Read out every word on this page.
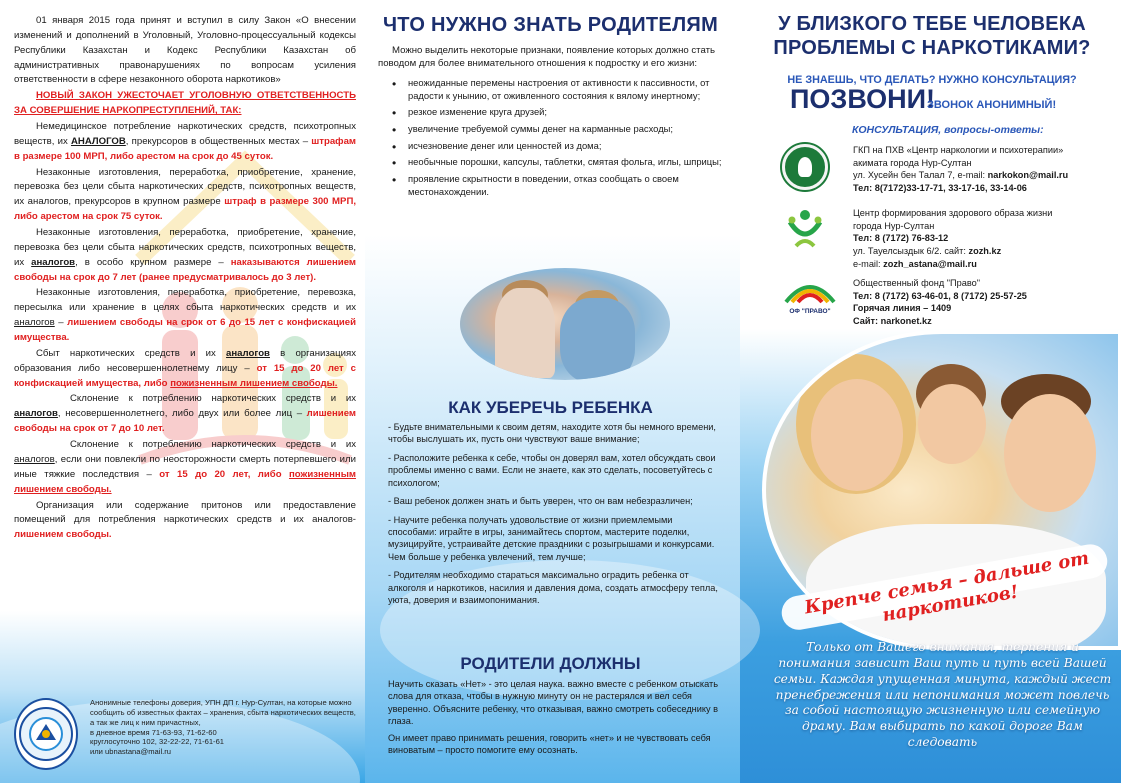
01 января 2015 года принят и вступил в силу Закон «О внесении изменений и дополнений в Уголовный, Уголовно-процессуальный кодексы Республики Казахстан и Кодекс Республики Казахстан об административных правонарушениях по вопросам усиления ответственности в сфере незаконного оборота наркотиков»

НОВЫЙ ЗАКОН УЖЕСТОЧАЕТ УГОЛОВНУЮ ОТВЕТСТВЕННОСТЬ ЗА СОВЕРШЕНИЕ НАРКОПРЕСТУПЛЕНИЙ, ТАК:

Немедицинское потребление наркотических средств, психотропных веществ, их АНАЛОГОВ, прекурсоров в общественных местах – штрафам в размере 100 МРП, либо арестом на срок до 45 суток.

Незаконные изготовления, переработка, приобретение, хранение, перевозка без цели сбыта наркотических средств, психотропных веществ, их аналогов, прекурсоров в крупном размере штраф в размере 300 МРП, либо арестом на срок 75 суток.

Незаконные изготовления, переработка, приобретение, хранение, перевозка без цели сбыта наркотических средств, психотропных веществ, их аналогов, в особо крупном размере – наказываются лишением свободы на срок до 7 лет (ранее предусматривалось до 3 лет).

Незаконные изготовления, переработка, приобретение, перевозка, пересылка или хранение в целях сбыта наркотических средств и их аналогов – лишением свободы на срок от 6 до 15 лет с конфискацией имущества.

Сбыт наркотических средств и их аналогов в организациях образования либо несовершеннолетнему лицу – от 15 до 20 лет с конфискацией имущества, либо пожизненным лишением свободы.

Склонение к потреблению наркотических средств и их аналогов, несовершеннолетнего, либо двух или более лиц – лишением свободы на срок от 7 до 10 лет.

Склонение к потреблению наркотических средств и их аналогов, если они повлекли по неосторожности смерть потерпевшего или иные тяжкие последствия – от 15 до 20 лет, либо пожизненным лишением свободы.

Организация или содержание притонов или предоставление помещений для потребления наркотических средств и их аналогов- лишением свободы.

Анонимные телефоны доверия, УПН ДП г. Нур-Султан, на которые можно сообщить об известных фактах – хранения, сбыта наркотических веществ, а так же лиц к ним причастных,
в дневное время 71-63-93, 71-62-60
круглосуточно 102, 32-22-22, 71-61-61
или ubnastana@mail.ru
ЧТО НУЖНО ЗНАТЬ РОДИТЕЛЯМ
Можно выделить некоторые признаки, появление которых должно стать поводом для более внимательного отношения к подростку и его жизни:
• неожиданные перемены настроения от активности к пассивности, от радости к унынию, от оживленного состояния к вялому инертному;
• резкое изменение круга друзей;
• увеличение требуемой суммы денег на карманные расходы;
• исчезновение денег или ценностей из дома;
• необычные порошки, капсулы, таблетки, смятая фольга, иглы, шприцы;
• проявление скрытности в поведении, отказ сообщать о своем местонахождении.
КАК УБЕРЕЧЬ РЕБЕНКА

- Будьте внимательными к своим детям, находите хотя бы немного времени, чтобы выслушать их, пусть они чувствуют ваше внимание;

- Расположите ребенка к себе, чтобы он доверял вам, хотел обсуждать свои проблемы именно с вами. Если не знаете, как это сделать, посоветуйтесь с психологом;

- Ваш ребенок должен знать и быть уверен, что он вам небезразличен;

- Научите ребенка получать удовольствие от жизни приемлемыми способами: играйте в игры, занимайтесь спортом, мастерите поделки, музицируйте, устраивайте детские праздники с розыгрышами и конкурсами. Чем больше у ребенка увлечений, тем лучше;

- Родителям необходимо стараться максимально оградить ребенка от алкоголя и наркотиков, насилия и давления дома, создать атмосферу тепла, уюта, доверия и взаимопонимания.

РОДИТЕЛИ ДОЛЖНЫ

Научить сказать «Нет» - это целая наука. важно вместе с ребенком отыскать слова для отказа, чтобы в нужную минуту он не растерялся и вел себя уверенно. Объясните ребенку, что отказывая, важно смотреть собеседнику в глаза.

Он имеет право принимать решения, говорить «нет» и не чувствовать себя виноватым – просто помогите ему осознать.

У БЛИЗКОГО ТЕБЕ ЧЕЛОВЕКА ПРОБЛЕМЫ С НАРКОТИКАМИ?
НЕ ЗНАЕШЬ, ЧТО ДЕЛАТЬ? НУЖНО КОНСУЛЬТАЦИЯ?
ПОЗВОНИ!
ЗВОНОК АНОНИМНЫЙ!
КОНСУЛЬТАЦИЯ, вопросы-ответы:
ГКП на ПХВ «Центр наркологии и психотерапии»
акимата города Нур-Султан
ул. Хусейн бен Талал 7, e-mail: narkokon@mail.ru
Тел: 8(7172)33-17-71, 33-17-16, 33-14-06
Центр формирования здорового образа жизни
города Нур-Султан
Тел: 8 (7172) 76-83-12
ул. Тауелсыздык 6/2. сайт: zozh.kz
e-mail: zozh_astana@mail.ru
ОФ "ПРАВО"
Общественный фонд "Право"
Тел: 8 (7172) 63-46-01, 8 (7172) 25-57-25
Горячая линия – 1409
Сайт: narkonet.kz
Крепче семья – дальше от наркотиков!
Только от Вашего внимания, терпения и понимания зависит Ваш путь и путь всей Вашей семьи. Каждая упущенная минута, каждый жест пренебрежения или непонимания может повлечь за собой настоящую жизненную или семейную драму. Вам выбирать по какой дороге Вам следовать
